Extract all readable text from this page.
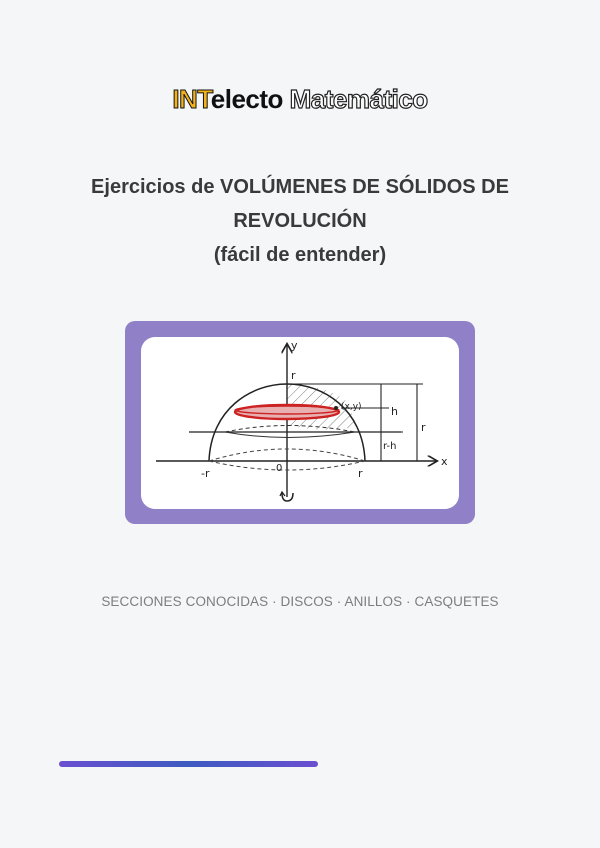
INTelecto Matemático
Ejercicios de VOLÚMENES DE SÓLIDOS DE
REVOLUCIÓN
(fácil de entender)
y
x
r
(x,y)	h
r
r-h
-r	0	r
SECCIONES CONOCIDAS · DISCOS · ANILLOS · CASQUETES
